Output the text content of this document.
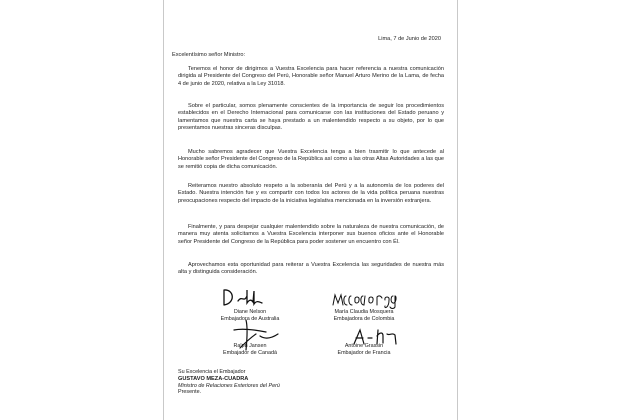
Lima, 7 de Junio de 2020

Excelentísimo señor Ministro:

Tenemos el honor de dirigirnos a Vuestra Excelencia para hacer referencia a nuestra comunicación dirigida al Presidente del Congreso del Perú, Honorable señor Manuel Arturo Merino de la Lama, de fecha 4 de junio de 2020, relativa a la Ley 31018.

Sobre el particular, somos plenamente conscientes de la importancia de seguir los procedimientos establecidos en el Derecho Internacional para comunicarse con las instituciones del Estado peruano y lamentamos que nuestra carta se haya prestado a un malentendido respecto a su objeto, por lo que presentamos nuestras sinceras disculpas.

Mucho sabremos agradecer que Vuestra Excelencia tenga a bien trasmitir lo que antecede al Honorable señor Presidente del Congreso de la República así como a las otras Altas Autoridades a las que se remitió copia de dicha comunicación.

Reiteramos nuestro absoluto respeto a la soberanía del Perú y a la autonomía de los poderes del Estado. Nuestra intención fue y es compartir con todos los actores de la vida política peruana nuestras preocupaciones respecto del impacto de la iniciativa legislativa mencionada en la inversión extranjera.

Finalmente, y para despejar cualquier malentendido sobre la naturaleza de nuestra comunicación, de manera muy atenta solicitamos a Vuestra Excelencia interponer sus buenos oficios ante el Honorable señor Presidente del Congreso de la República para poder sostener un encuentro con Él.

Aprovechamos esta oportunidad para reiterar a Vuestra Excelencia las seguridades de nuestra más alta y distinguida consideración.

Diane Nelson
Embajadora de Australia
María Claudia Mosquera
Embajadora de Colombia
Ralph Jansen
Embajador de Canadá
Antoine Grassin
Embajador de Francia
Su Excelencia el Embajador
GUSTAVO MEZA-CUADRA
Ministro de Relaciones Exteriores del Perú
Presente.
